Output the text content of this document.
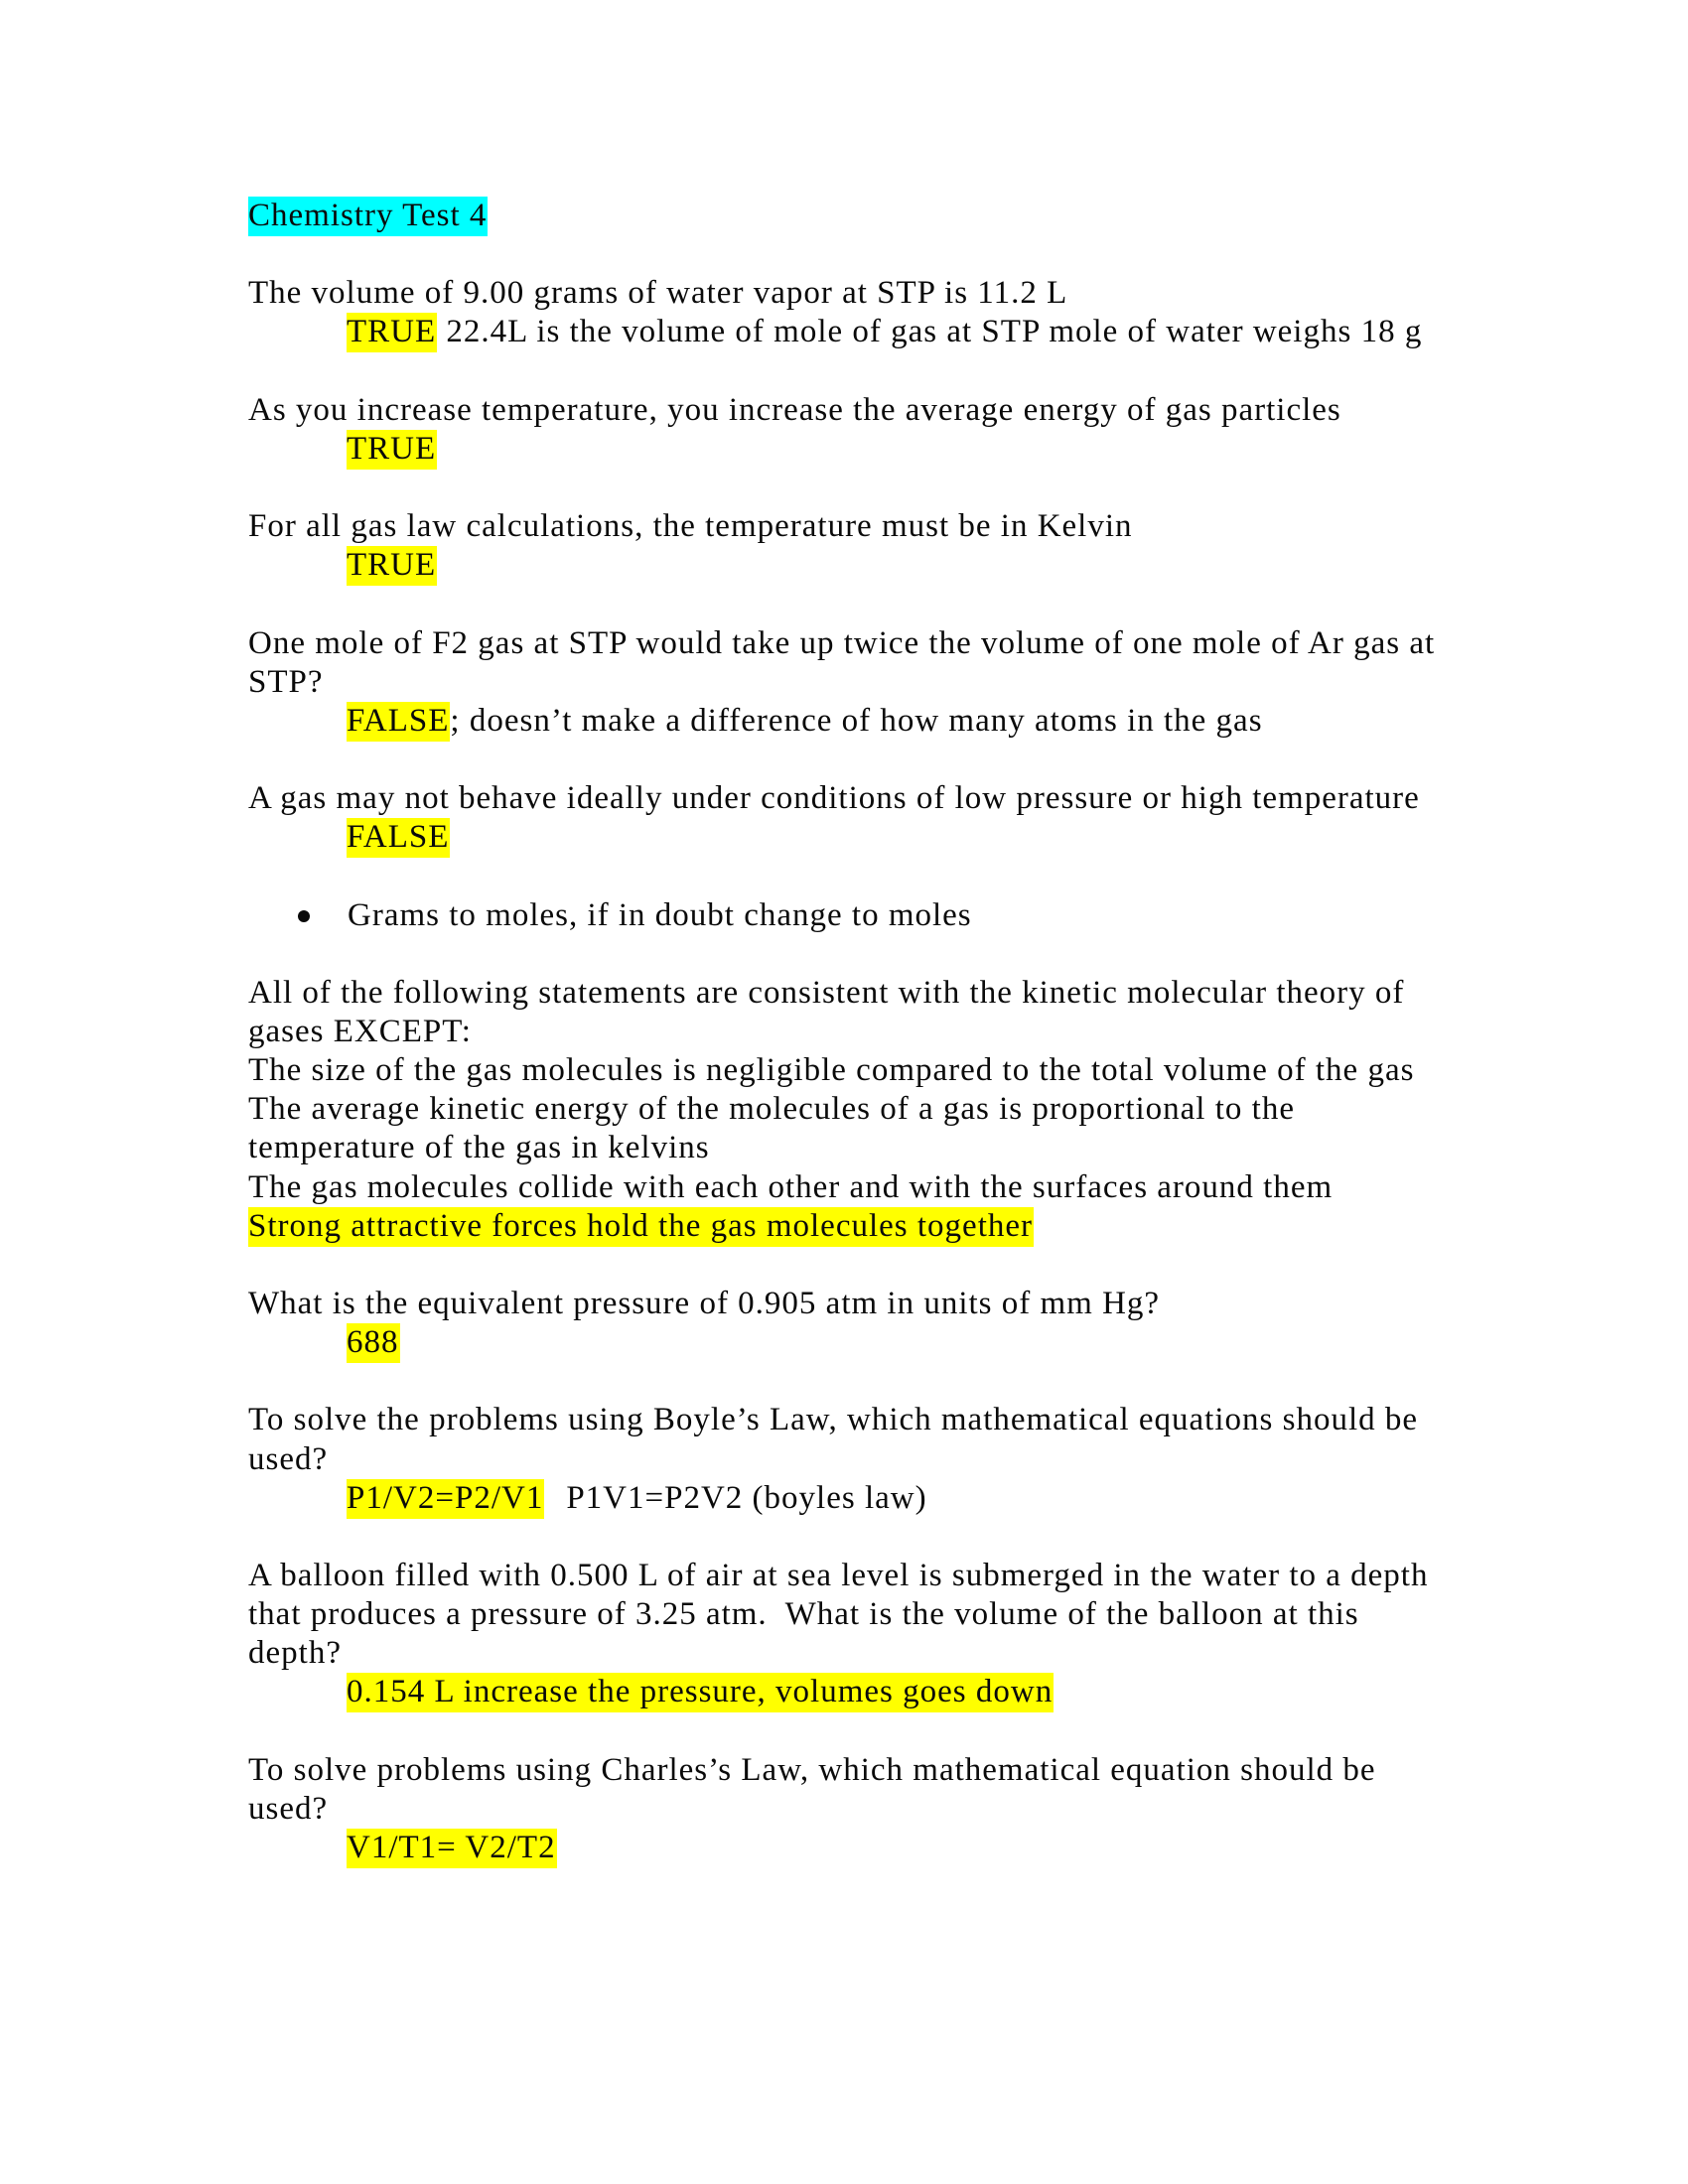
Chemistry Test 4
The volume of 9.00 grams of water vapor at STP is 11.2 L
TRUE 22.4L is the volume of mole of gas at STP mole of water weighs 18 g
As you increase temperature, you increase the average energy of gas particles
TRUE
For all gas law calculations, the temperature must be in Kelvin
TRUE
One mole of F2 gas at STP would take up twice the volume of one mole of Ar gas at
STP?
FALSE; doesn’t make a difference of how many atoms in the gas
A gas may not behave ideally under conditions of low pressure or high temperature
FALSE
Grams to moles, if in doubt change to moles
All of the following statements are consistent with the kinetic molecular theory of
gases EXCEPT:
The size of the gas molecules is negligible compared to the total volume of the gas
The average kinetic energy of the molecules of a gas is proportional to the
temperature of the gas in kelvins
The gas molecules collide with each other and with the surfaces around them
Strong attractive forces hold the gas molecules together
What is the equivalent pressure of 0.905 atm in units of mm Hg?
688
To solve the problems using Boyle’s Law, which mathematical equations should be
used?
P1/V2=P2/V1 P1V1=P2V2 (boyles law)
A balloon filled with 0.500 L of air at sea level is submerged in the water to a depth
that produces a pressure of 3.25 atm.  What is the volume of the balloon at this
depth?
0.154 L increase the pressure, volumes goes down
To solve problems using Charles’s Law, which mathematical equation should be
used?
V1/T1= V2/T2
